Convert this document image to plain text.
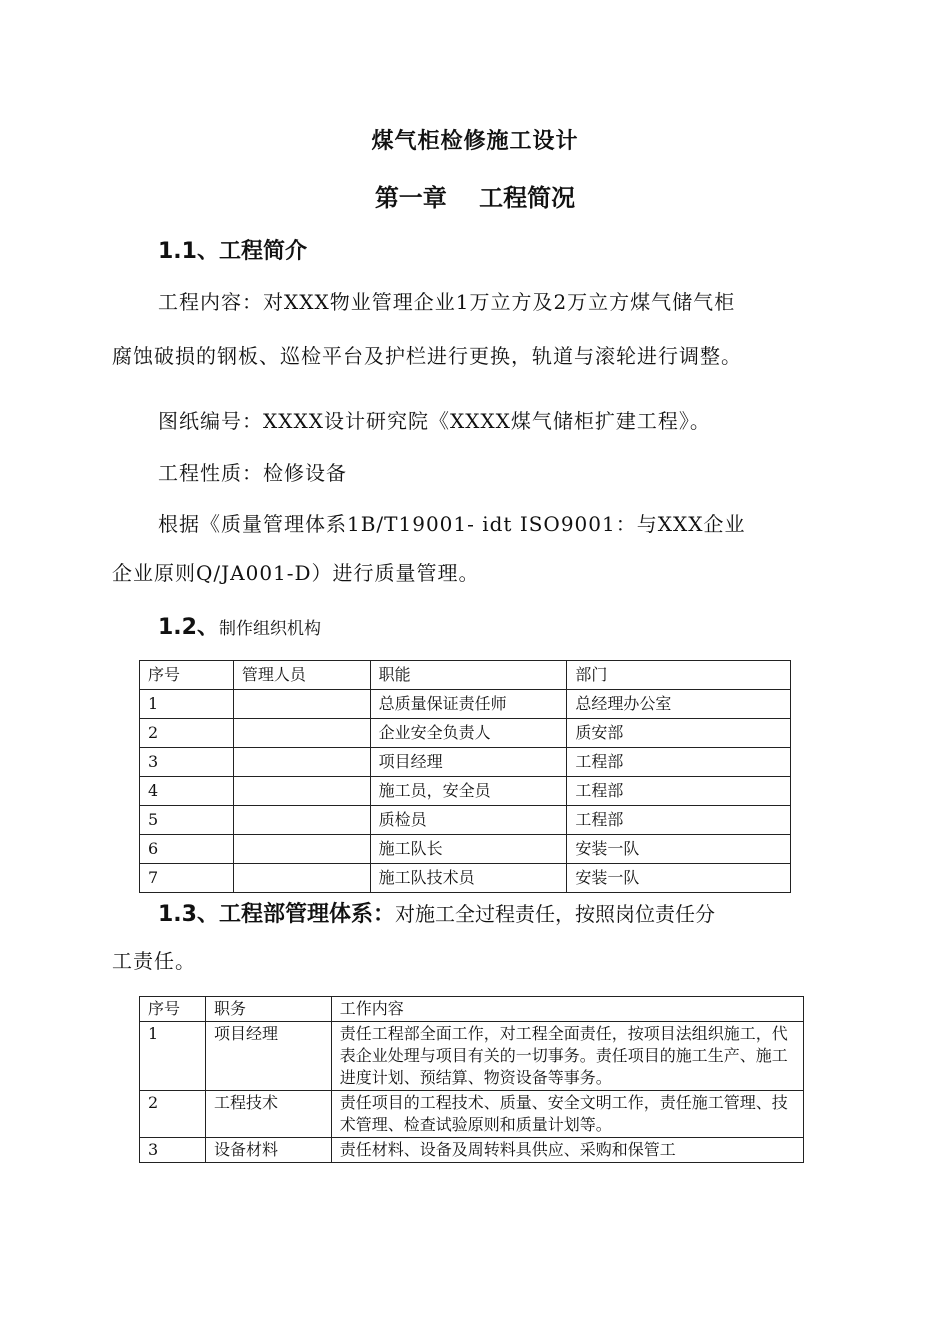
煤气柜检修施工设计
第一章　 工程简况
1.1、工程简介
工程内容：对XXX物业管理企业1万立方及2万立方煤气储气柜
腐蚀破损的钢板、巡检平台及护栏进行更换，轨道与滚轮进行调整。
图纸编号：XXXX设计研究院《XXXX煤气储柜扩建工程》。
工程性质：检修设备
根据《质量管理体系1B/T19001- idt ISO9001：与XXX企业
企业原则Q/JA001-D）进行质量管理。
1.2、制作组织机构
序号	管理人员	职能	部门
1		总质量保证责任师	总经理办公室
2		企业安全负责人	质安部
3		项目经理	工程部
4		施工员，安全员	工程部
5		质检员	工程部
6		施工队长	安装一队
7		施工队技术员	安装一队
1.3、工程部管理体系：对施工全过程责任，按照岗位责任分
工责任。
序号	职务	工作内容
1	项目经理	责任工程部全面工作，对工程全面责任，按项目法组织施工，代表企业处理与项目有关的一切事务。责任项目的施工生产、施工进度计划、预结算、物资设备等事务。
2	工程技术	责任项目的工程技术、质量、安全文明工作，责任施工管理、技术管理、检查试验原则和质量计划等。
3	设备材料	责任材料、设备及周转料具供应、采购和保管工
